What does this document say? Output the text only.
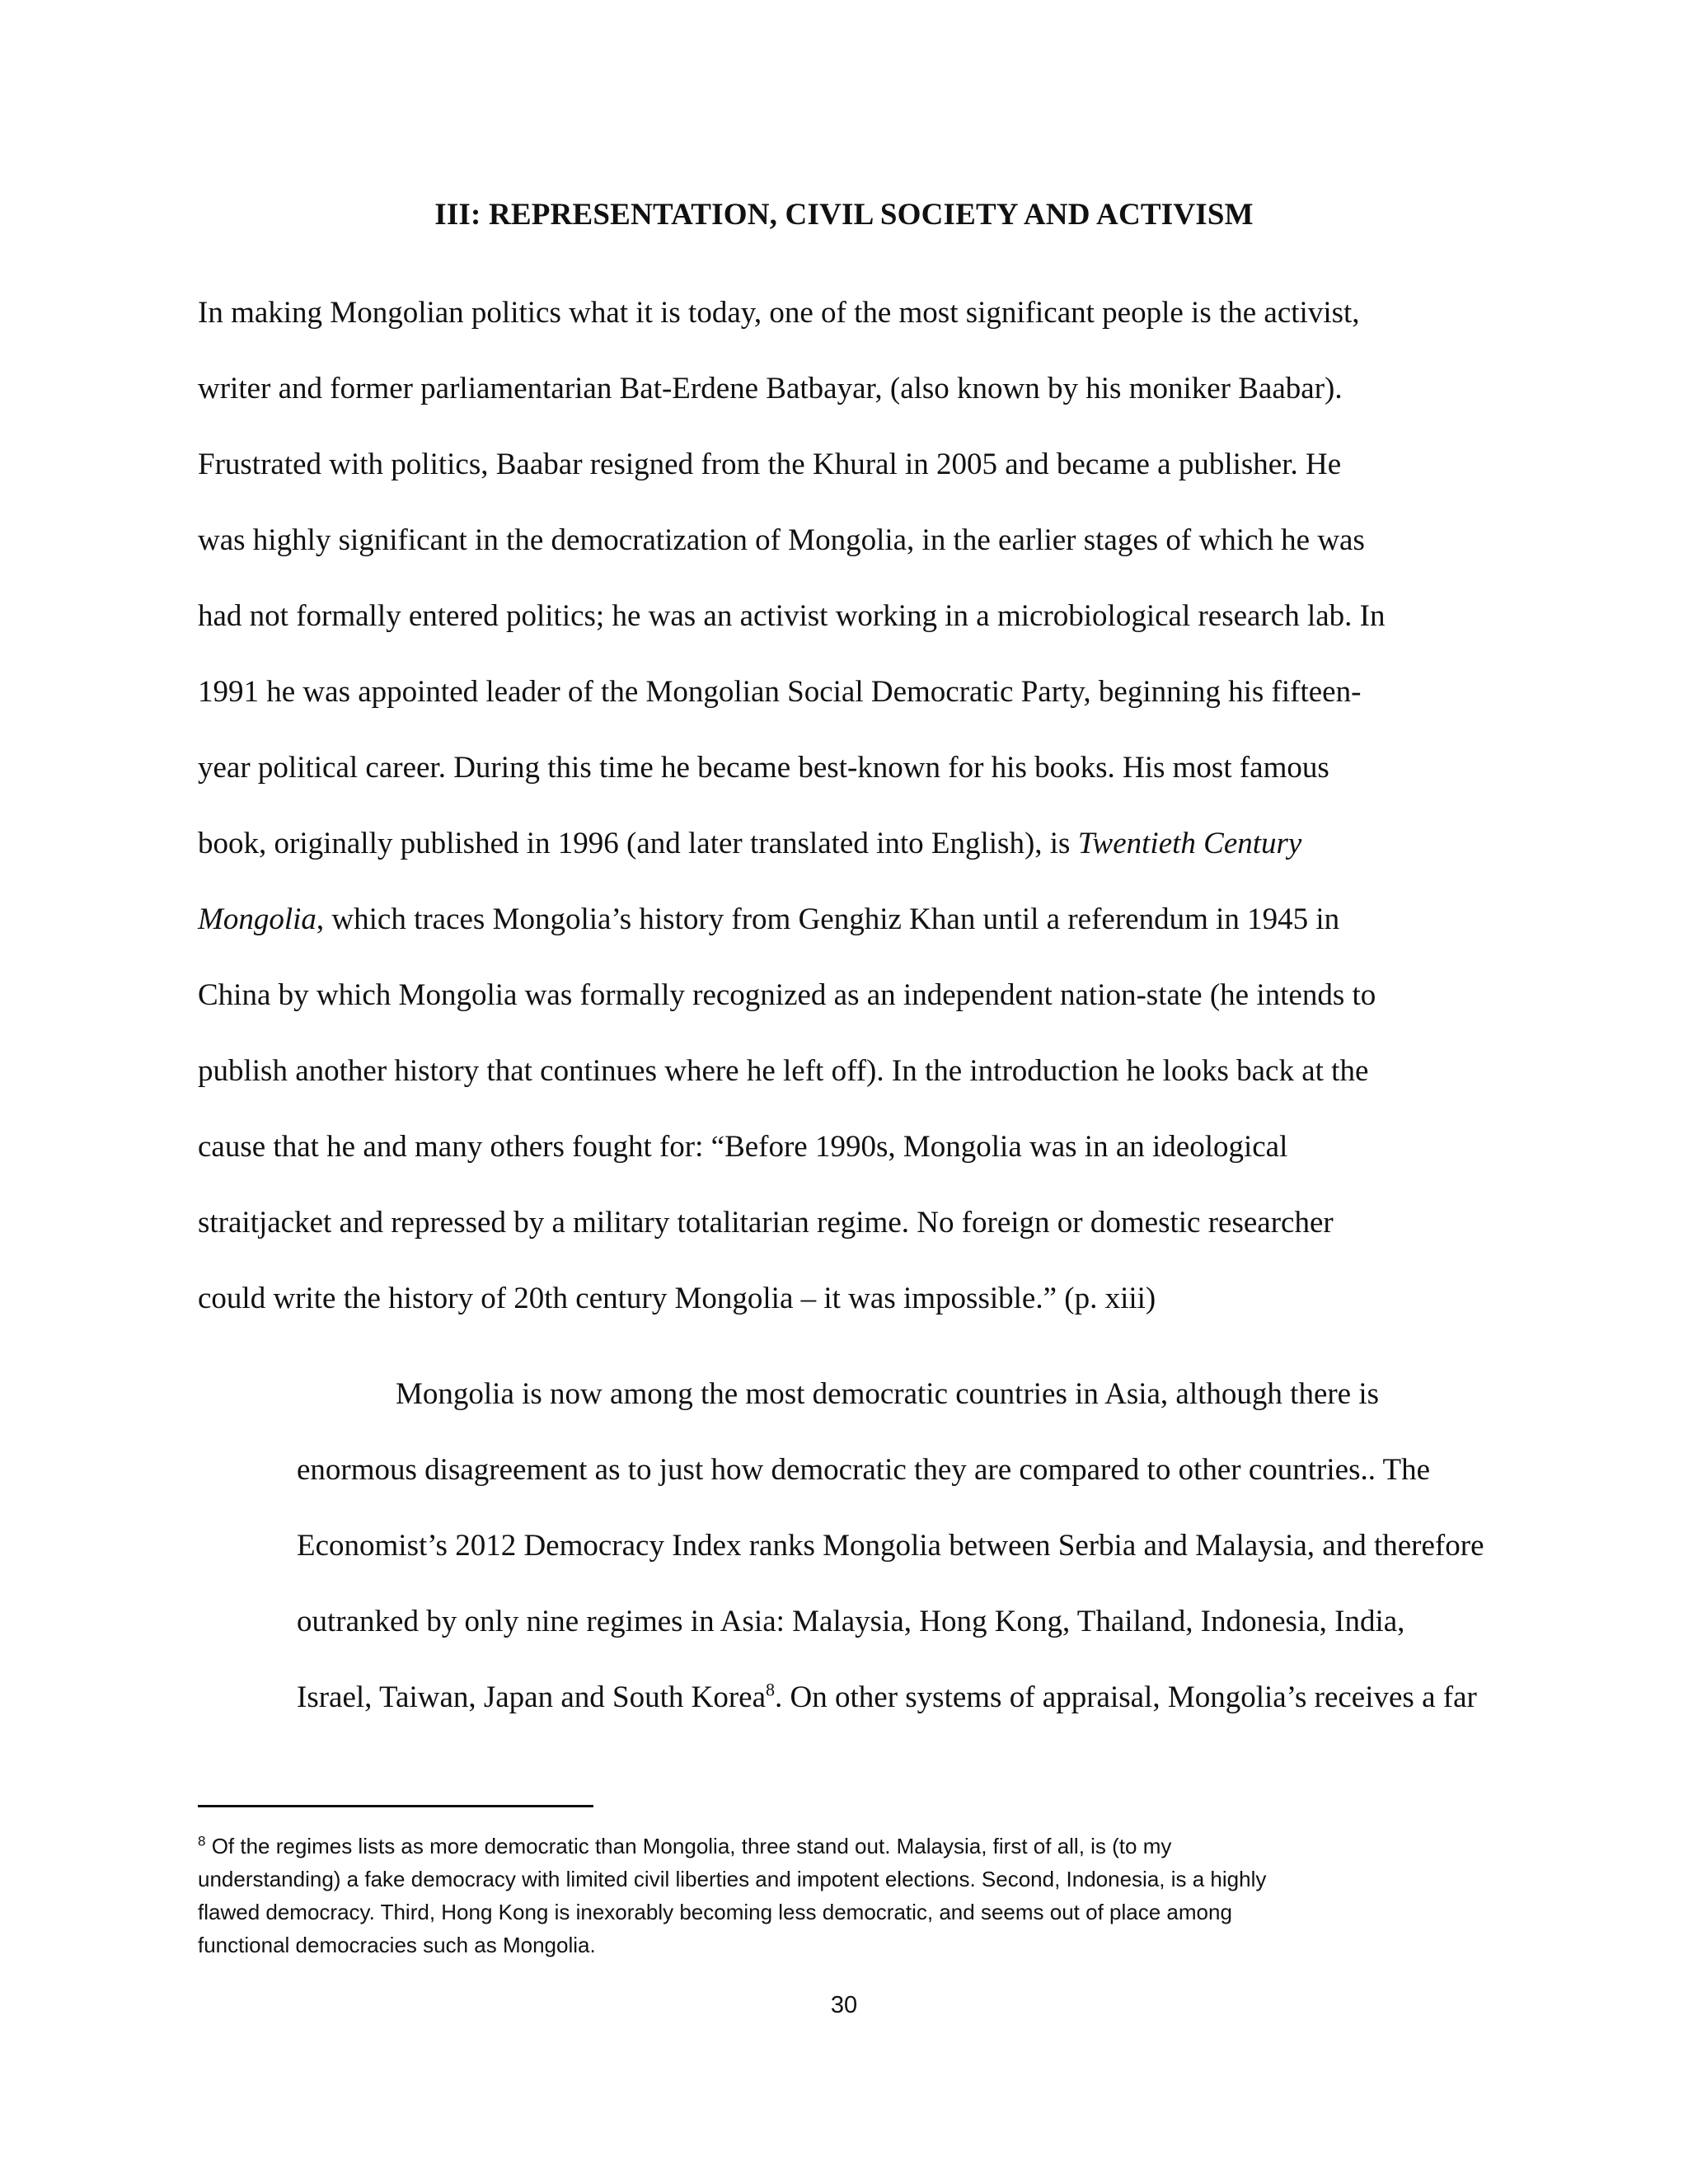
III: REPRESENTATION, CIVIL SOCIETY AND ACTIVISM
In making Mongolian politics what it is today, one of the most significant people is the activist,
writer and former parliamentarian Bat-Erdene Batbayar, (also known by his moniker Baabar).
Frustrated with politics, Baabar resigned from the Khural in 2005 and became a publisher. He
was highly significant in the democratization of Mongolia, in the earlier stages of which he was
had not formally entered politics; he was an activist working in a microbiological research lab. In
1991 he was appointed leader of the Mongolian Social Democratic Party, beginning his fifteen-
year political career. During this time he became best-known for his books. His most famous
book, originally published in 1996 (and later translated into English), is Twentieth Century
Mongolia, which traces Mongolia’s history from Genghiz Khan until a referendum in 1945 in
China by which Mongolia was formally recognized as an independent nation-state (he intends to
publish another history that continues where he left off). In the introduction he looks back at the
cause that he and many others fought for: “Before 1990s, Mongolia was in an ideological
straitjacket and repressed by a military totalitarian regime. No foreign or domestic researcher
could write the history of 20th century Mongolia – it was impossible.” (p. xiii)
Mongolia is now among the most democratic countries in Asia, although there is
enormous disagreement as to just how democratic they are compared to other countries.. The
Economist’s 2012 Democracy Index ranks Mongolia between Serbia and Malaysia, and therefore
outranked by only nine regimes in Asia: Malaysia, Hong Kong, Thailand, Indonesia, India,
Israel, Taiwan, Japan and South Korea$^8$. On other systems of appraisal, Mongolia’s receives a far
$^8$ Of the regimes lists as more democratic than Mongolia, three stand out. Malaysia, first of all, is (to my
understanding) a fake democracy with limited civil liberties and impotent elections. Second, Indonesia, is a highly
flawed democracy. Third, Hong Kong is inexorably becoming less democratic, and seems out of place among
functional democracies such as Mongolia.
30
